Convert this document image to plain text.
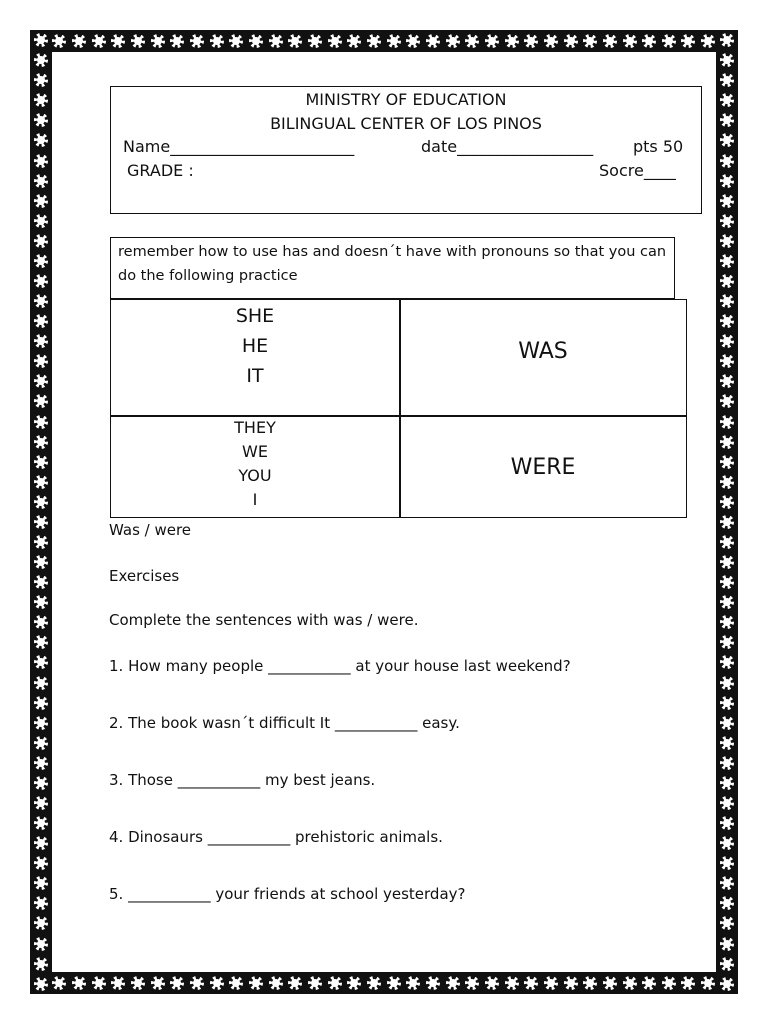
MINISTRY OF EDUCATION
BILINGUAL CENTER OF LOS PINOS
Name_______________________	date_________________ pts 50
GRADE :	Socre____
remember how to use has and doesn´t have with pronouns so that you can do the following practice
SHE
HE
IT
WAS
THEY
WE
YOU
I
WERE
Was / were
Exercises
Complete the sentences with was / were.
1. How many people ___________ at your house last weekend?
2. The book wasn´t difficult It ___________ easy.
3. Those ___________ my best jeans.
4. Dinosaurs ___________ prehistoric animals.
5. ___________ your friends at school yesterday?
